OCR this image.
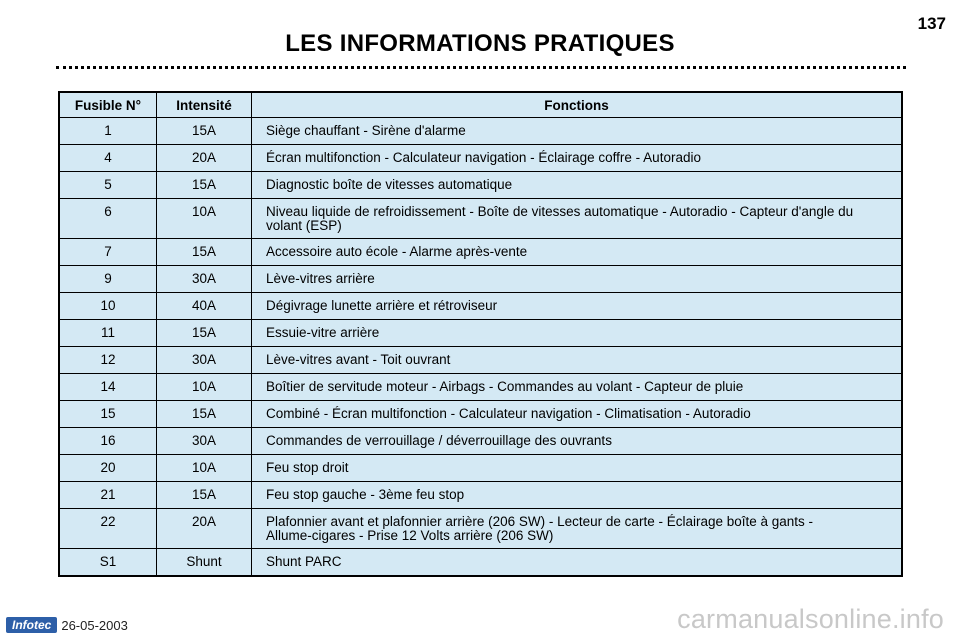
137
LES INFORMATIONS PRATIQUES
Fusible N°	Intensité	Fonctions

1	15A	Siège chauffant - Sirène d'alarme

4	20A	Écran multifonction - Calculateur navigation - Éclairage coffre - Autoradio

5	15A	Diagnostic boîte de vitesses automatique

6	10A	Niveau liquide de refroidissement - Boîte de vitesses automatique - Autoradio - Capteur d'angle du volant (ESP)

7	15A	Accessoire auto école - Alarme après-vente

9	30A	Lève-vitres arrière

10	40A	Dégivrage lunette arrière et rétroviseur

11	15A	Essuie-vitre arrière

12	30A	Lève-vitres avant - Toit ouvrant

14	10A	Boîtier de servitude moteur - Airbags - Commandes au volant - Capteur de pluie

15	15A	Combiné - Écran multifonction - Calculateur navigation - Climatisation - Autoradio

16	30A	Commandes de verrouillage / déverrouillage des ouvrants

20	10A	Feu stop droit

21	15A	Feu stop gauche - 3ème feu stop

22	20A	Plafonnier avant et plafonnier arrière (206 SW) - Lecteur de carte - Éclairage boîte à gants - Allume-cigares - Prise 12 Volts arrière (206 SW)

S1	Shunt	Shunt PARC
Infotec 26-05-2003	carmanualsonline.info
